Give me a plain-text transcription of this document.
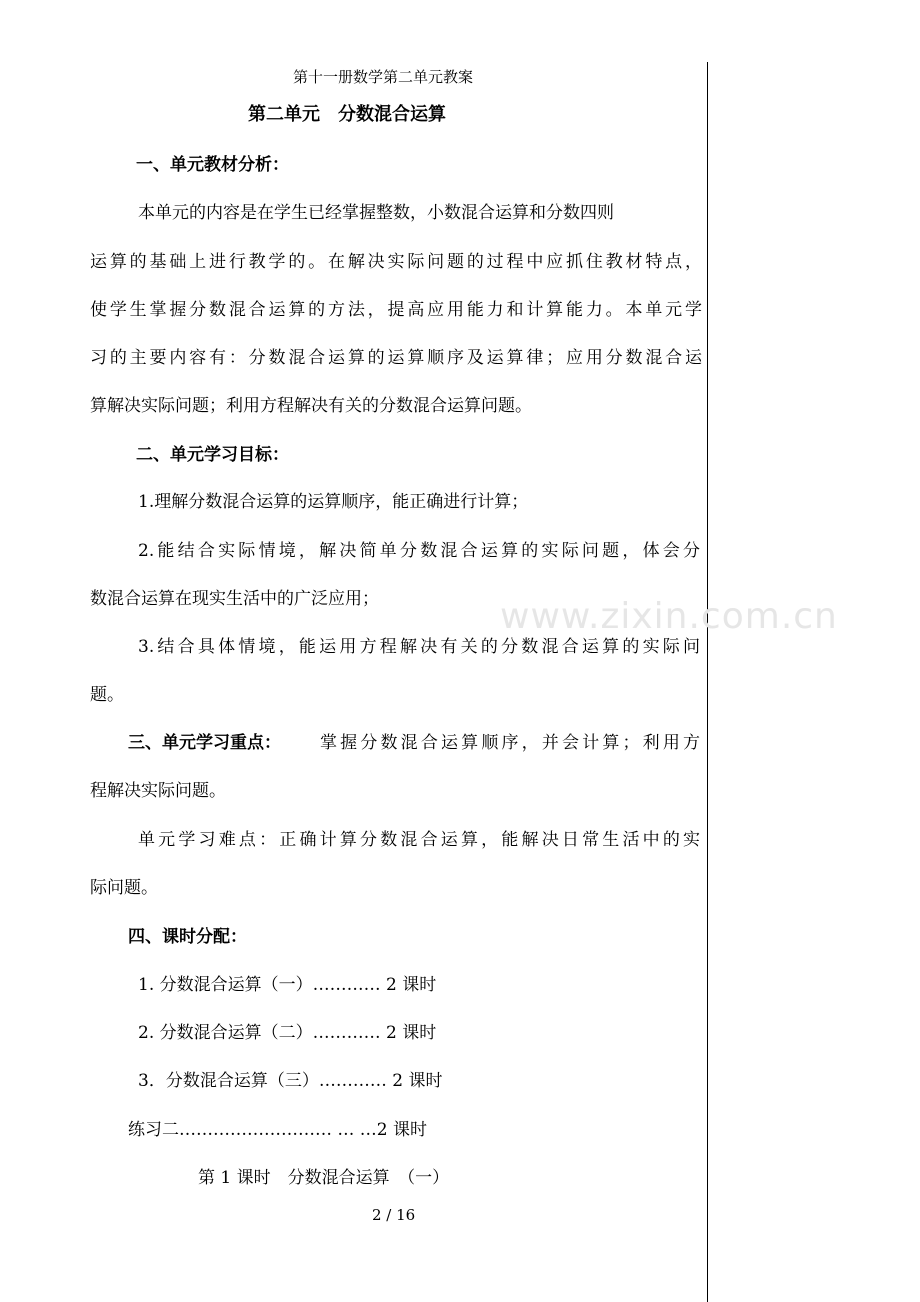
www.zixin.com.cn
第十一册数学第二单元教案
第二单元　分数混合运算
一、单元教材分析：
本单元的内容是在学生已经掌握整数，小数混合运算和分数四则
运算的基础上进行教学的。在解决实际问题的过程中应抓住教材特点，
使学生掌握分数混合运算的方法，提高应用能力和计算能力。本单元学
习的主要内容有：分数混合运算的运算顺序及运算律；应用分数混合运
算解决实际问题；利用方程解决有关的分数混合运算问题。
二、单元学习目标：
1.理解分数混合运算的运算顺序，能正确进行计算；
2.能结合实际情境，解决简单分数混合运算的实际问题，体会分
数混合运算在现实生活中的广泛应用；
3.结合具体情境，能运用方程解决有关的分数混合运算的实际问
题。
三、单元学习重点： 掌握分数混合运算顺序，并会计算；利用方
程解决实际问题。
单元学习难点：正确计算分数混合运算，能解决日常生活中的实
际问题。
四、课时分配：
1. 分数混合运算（一）………… 2 课时
2. 分数混合运算（二）………… 2 课时
3．分数混合运算（三）………… 2 课时
练习二……………………… … …2 课时
第 1 课时　分数混合运算　（一）
2 / 16
